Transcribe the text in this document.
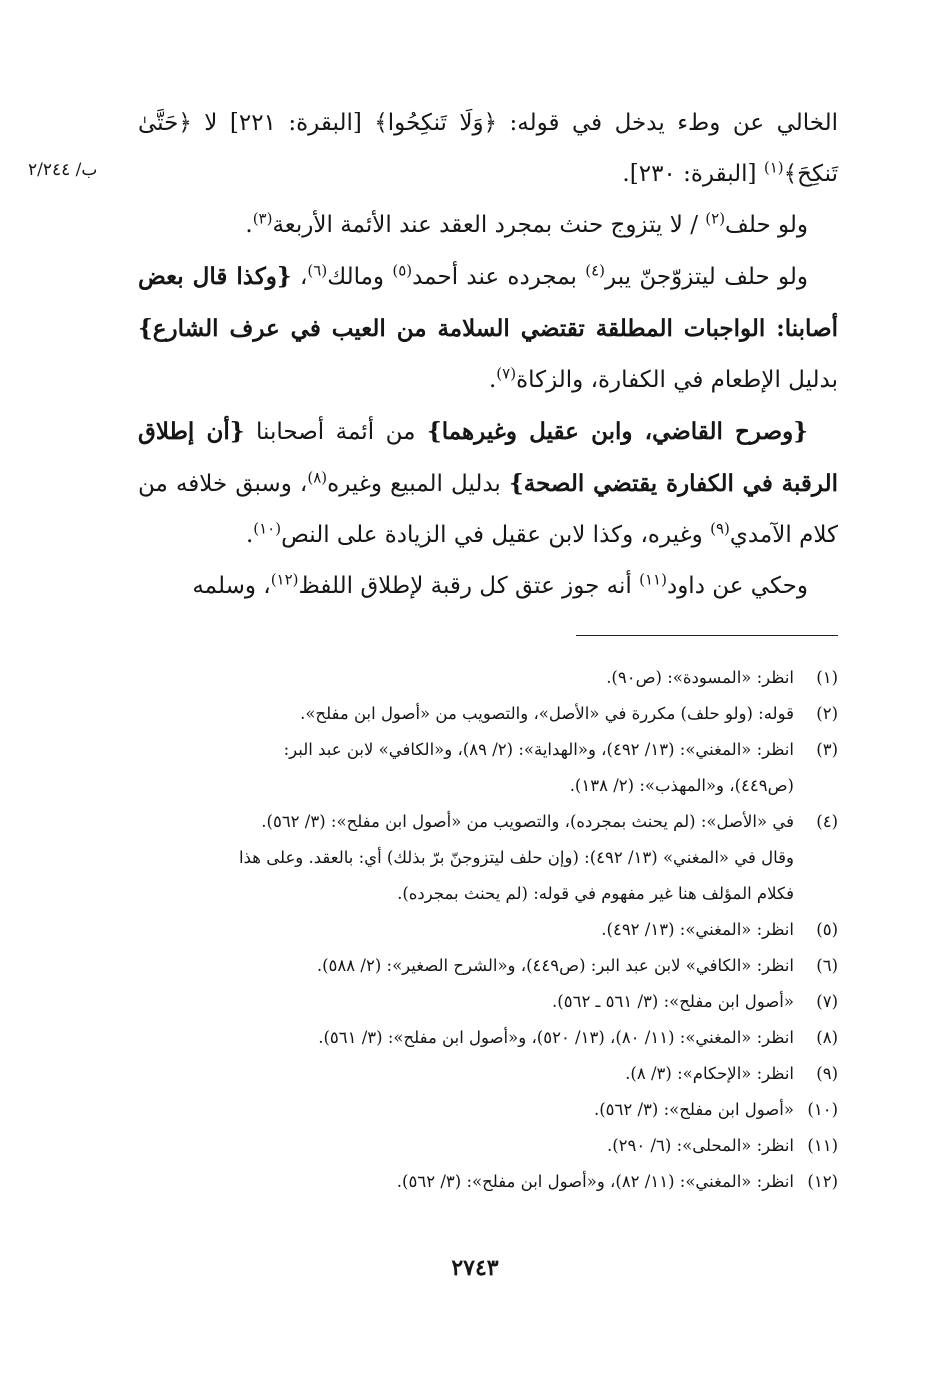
ب/ ٢/٢٤٤

الخالي عن وطء يدخل في قوله: ﴿وَلَا تَنكِحُوا﴾ [البقرة: ٢٢١] لا ﴿حَتَّىٰ تَنكِحَ﴾$^{(١)}$ [البقرة: ٢٣٠].

ولو حلف$^{(٢)}$ / لا يتزوج حنث بمجرد العقد عند الأئمة الأربعة$^{(٣)}$.

ولو حلف ليتزوّجنّ يبر$^{(٤)}$ بمجرده عند أحمد$^{(٥)}$ ومالك$^{(٦)}$، {وكذا قال بعض أصابنا: الواجبات المطلقة تقتضي السلامة من العيب في عرف الشارع} بدليل الإطعام في الكفارة، والزكاة$^{(٧)}$.

{وصرح القاضي، وابن عقيل وغيرهما} من أئمة أصحابنا {أن إطلاق الرقبة في الكفارة يقتضي الصحة} بدليل المبيع وغيره$^{(٨)}$، وسبق خلافه من كلام الآمدي$^{(٩)}$ وغيره، وكذا لابن عقيل في الزيادة على النص$^{(١٠)}$.

وحكي عن داود$^{(١١)}$ أنه جوز عتق كل رقبة لإطلاق اللفظ$^{(١٢)}$، وسلمه

(١)
انظر: «المسودة»: (ص٩٠).
(٢)
قوله: (ولو حلف) مكررة في «الأصل»، والتصويب من «أصول ابن مفلح».
(٣)
انظر: «المغني»: (١٣/ ٤٩٢)، و«الهداية»: (٢/ ٨٩)، و«الكافي» لابن عبد البر:
(ص٤٤٩)، و«المهذب»: (٢/ ١٣٨).
(٤)
في «الأصل»: (لم يحنث بمجرده)، والتصويب من «أصول ابن مفلح»: (٣/ ٥٦٢).
وقال في «المغني» (١٣/ ٤٩٢): (وإن حلف ليتزوجنّ برّ بذلك) أي: بالعقد. وعلى هذا
فكلام المؤلف هنا غير مفهوم في قوله: (لم يحنث بمجرده).
(٥)
انظر: «المغني»: (١٣/ ٤٩٢).
(٦)
انظر: «الكافي» لابن عبد البر: (ص٤٤٩)، و«الشرح الصغير»: (٢/ ٥٨٨).
(٧)
«أصول ابن مفلح»: (٣/ ٥٦١ ـ ٥٦٢).
(٨)
انظر: «المغني»: (١١/ ٨٠)، (١٣/ ٥٢٠)، و«أصول ابن مفلح»: (٣/ ٥٦١).
(٩)
انظر: «الإحكام»: (٣/ ٨).
(١٠)
«أصول ابن مفلح»: (٣/ ٥٦٢).
(١١)
انظر: «المحلى»: (٦/ ٢٩٠).
(١٢)
انظر: «المغني»: (١١/ ٨٢)، و«أصول ابن مفلح»: (٣/ ٥٦٢).
٢٧٤٣
